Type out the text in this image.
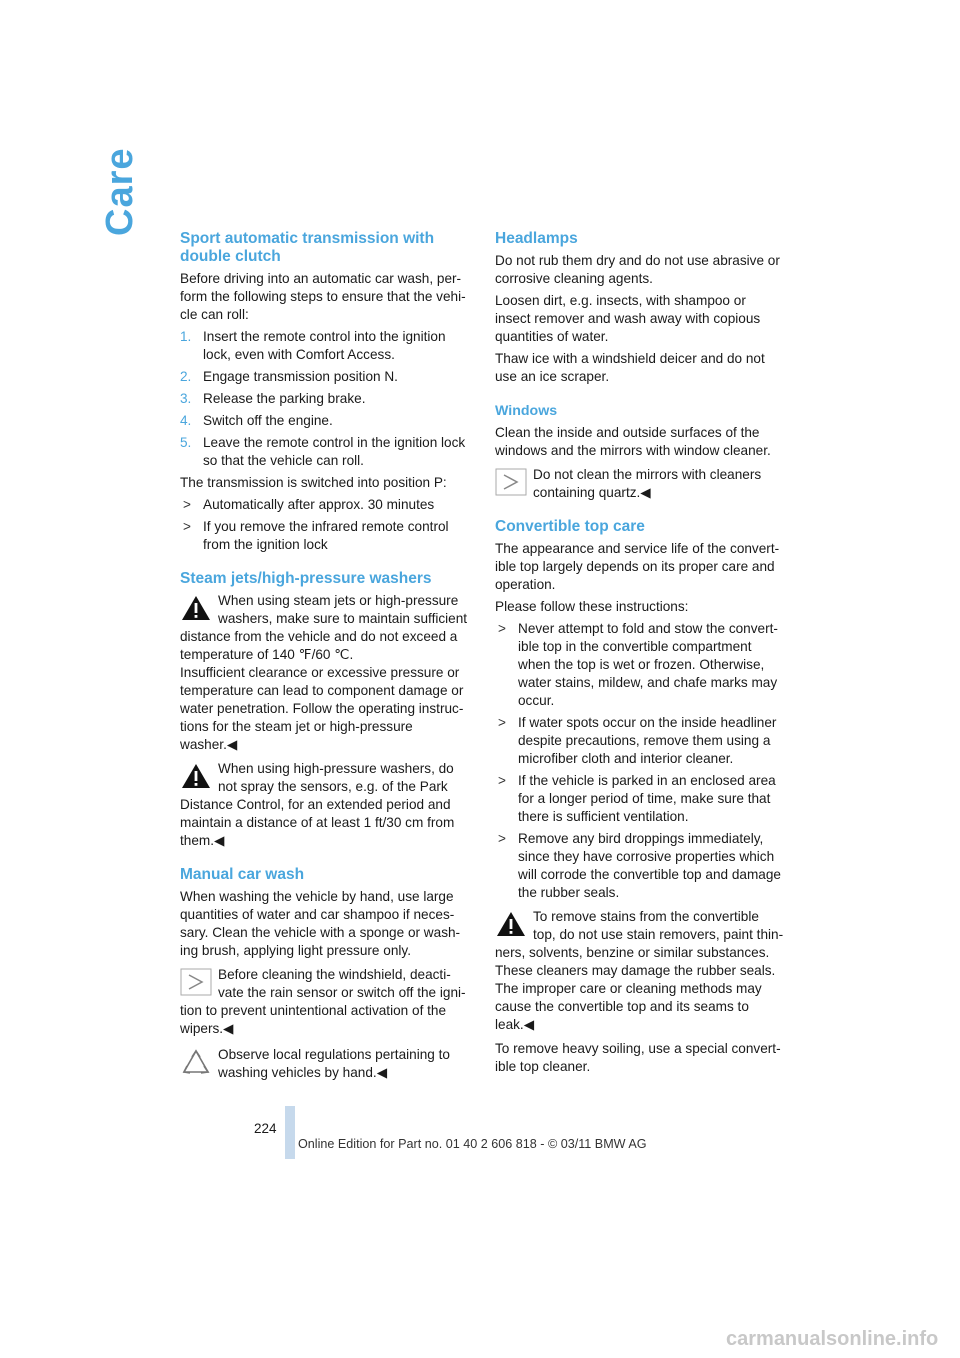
Care
Sport automatic transmission with double clutch

Before driving into an automatic car wash, per-form the following steps to ensure that the vehi-cle can roll:

1. Insert the remote control into the ignition lock, even with Comfort Access.
2. Engage transmission position N.
3. Release the parking brake.
4. Switch off the engine.
5. Leave the remote control in the ignition lock so that the vehicle can roll.

The transmission is switched into position P:

> Automatically after approx. 30 minutes
> If you remove the infrared remote control from the ignition lock
Steam jets/high-pressure washers
When using steam jets or high-pressure washers, make sure to maintain sufficient distance from the vehicle and do not exceed a temperature of 140 ℉/60 ℃.
Insufficient clearance or excessive pressure or temperature can lead to component damage or water penetration. Follow the operating instruc-tions for the steam jet or high-pressure washer.◀
When using high-pressure washers, do not spray the sensors, e.g. of the Park Distance Control, for an extended period and maintain a distance of at least 1 ft/30 cm from them.◀
Manual car wash

When washing the vehicle by hand, use large quantities of water and car shampoo if neces-sary. Clean the vehicle with a sponge or wash-ing brush, applying light pressure only.

Before cleaning the windshield, deacti-vate the rain sensor or switch off the igni-tion to prevent unintentional activation of the wipers.◀
Observe local regulations pertaining to washing vehicles by hand.◀
Headlamps

Do not rub them dry and do not use abrasive or corrosive cleaning agents.

Loosen dirt, e.g. insects, with shampoo or insect remover and wash away with copious quantities of water.

Thaw ice with a windshield deicer and do not use an ice scraper.

Windows

Clean the inside and outside surfaces of the windows and the mirrors with window cleaner.

Do not clean the mirrors with cleaners containing quartz.◀
Convertible top care

The appearance and service life of the convert-ible top largely depends on its proper care and operation.

Please follow these instructions:

> Never attempt to fold and stow the convert-ible top in the convertible compartment when the top is wet or frozen. Otherwise, water stains, mildew, and chafe marks may occur.
> If water spots occur on the inside headliner despite precautions, remove them using a microfiber cloth and interior cleaner.
> If the vehicle is parked in an enclosed area for a longer period of time, make sure that there is sufficient ventilation.
> Remove any bird droppings immediately, since they have corrosive properties which will corrode the convertible top and damage the rubber seals.
To remove stains from the convertible top, do not use stain removers, paint thin-ners, solvents, benzine or similar substances. These cleaners may damage the rubber seals. The improper care or cleaning methods may cause the convertible top and its seams to leak.◀

To remove heavy soiling, use a special convert-ible top cleaner.

224
Online Edition for Part no. 01 40 2 606 818 - © 03/11 BMW AG
carmanualsonline.info
